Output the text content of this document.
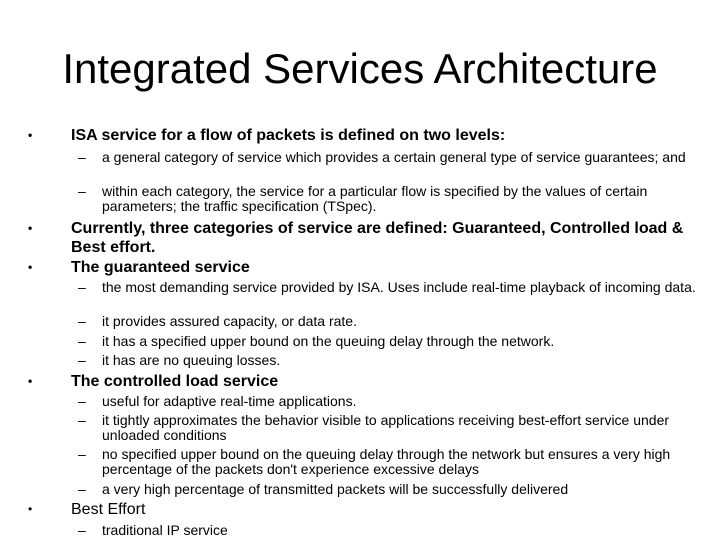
Integrated Services Architecture
• ISA service for a flow of packets is defined on two levels:
– a general category of service which provides a certain general type of service guarantees; and
– within each category, the service for a particular flow is specified by the values of certain parameters; the traffic specification (TSpec).
• Currently, three categories of service are defined: Guaranteed, Controlled load & Best effort.
• The guaranteed service
– the most demanding service provided by ISA. Uses include real-time playback of incoming data.
– it provides assured capacity, or data rate.
– it has a specified upper bound on the queuing delay through the network.
– it has are no queuing losses.
• The controlled load service
– useful for adaptive real-time applications.
– it tightly approximates the behavior visible to applications receiving best-effort service under unloaded conditions
– no specified upper bound on the queuing delay through the network but ensures a very high percentage of the packets don't experience excessive delays
– a very high percentage of transmitted packets will be successfully delivered
• Best Effort
– traditional IP service
